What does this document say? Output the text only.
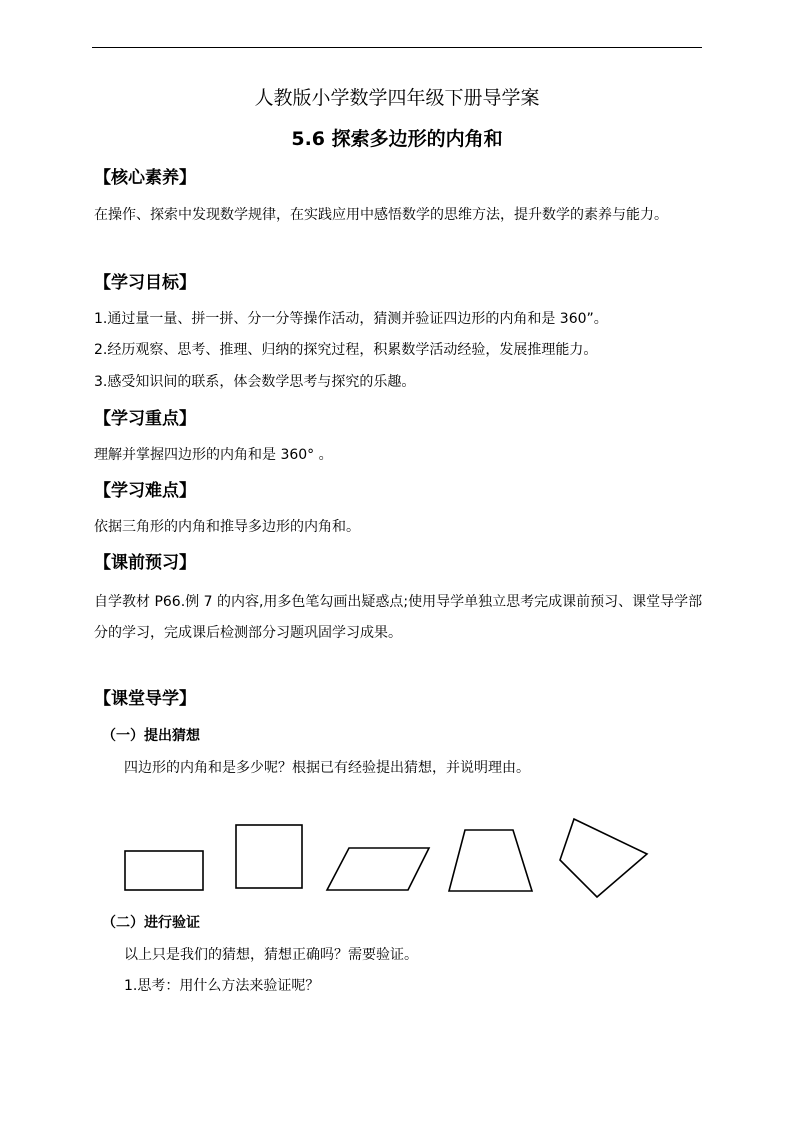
人教版小学数学四年级下册导学案
5.6 探索多边形的内角和
【核心素养】
在操作、探索中发现数学规律，在实践应用中感悟数学的思维方法，提升数学的素养与能力。
【学习目标】
1.通过量一量、拼一拼、分一分等操作活动，猜测并验证四边形的内角和是 360”。
2.经历观察、思考、推理、归纳的探究过程，积累数学活动经验，发展推理能力。
3.感受知识间的联系，体会数学思考与探究的乐趣。
【学习重点】
理解并掌握四边形的内角和是 360° 。
【学习难点】
依据三角形的内角和推导多边形的内角和。
【课前预习】
自学教材 P66.例 7 的内容,用多色笔勾画出疑惑点;使用导学单独立思考完成课前预习、课堂导学部分的学习，完成课后检测部分习题巩固学习成果。
【课堂导学】
（一）提出猜想
四边形的内角和是多少呢？根据已有经验提出猜想，并说明理由。
（二）进行验证
以上只是我们的猜想，猜想正确吗？需要验证。
1.思考：用什么方法来验证呢？
